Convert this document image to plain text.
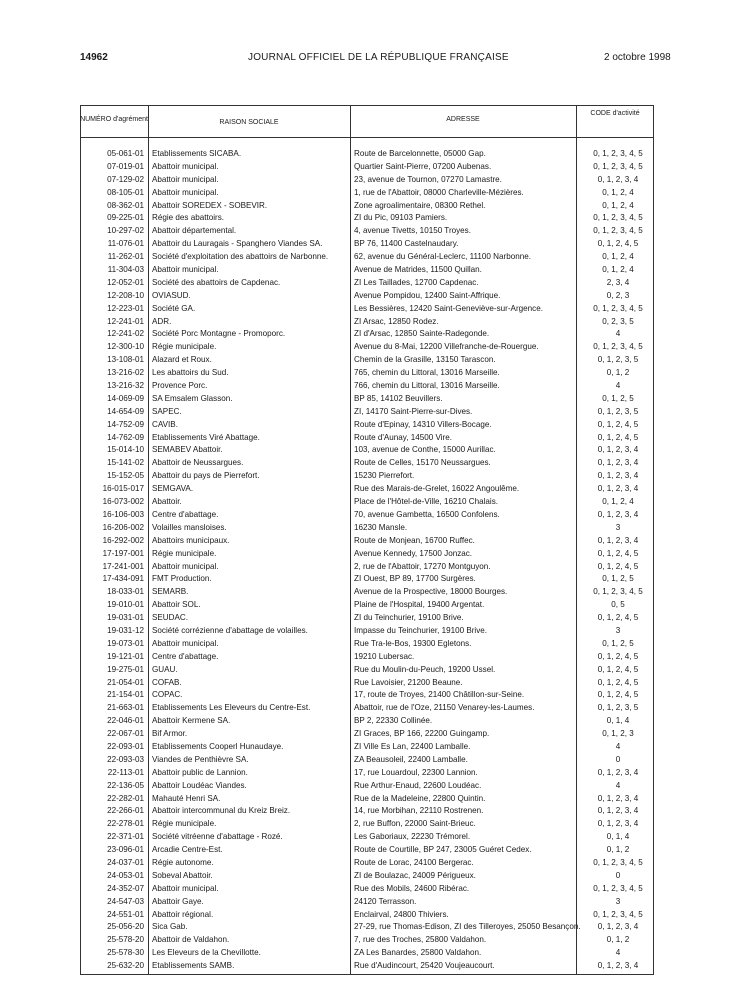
14962	JOURNAL OFFICIEL DE LA RÉPUBLIQUE FRANÇAISE	2 octobre 1998
NUMÉRO d'agrément	RAISON SOCIALE	ADRESSE
CODE d'activité
05-061-01 Etablissements SICABA.	Route de Barcelonnette, 05000 Gap.	0, 1, 2, 3, 4, 5
07-019-01 Abattoir municipal.	Quartier Saint-Pierre, 07200 Aubenas.	0, 1, 2, 3, 4, 5
07-129-02 Abattoir municipal.	23, avenue de Tournon, 07270 Lamastre.	0, 1, 2, 3, 4
08-105-01 Abattoir municipal.	1, rue de l'Abattoir, 08000 Charleville-Mézières.	0, 1, 2, 4
08-362-01 Abattoir SOREDEX - SOBEVIR.	Zone agroalimentaire, 08300 Rethel.	0, 1, 2, 4
09-225-01 Régie des abattoirs.	ZI du Pic, 09103 Pamiers.	0, 1, 2, 3, 4, 5
10-297-02 Abattoir départemental.	4, avenue Tivetts, 10150 Troyes.	0, 1, 2, 3, 4, 5
11-076-01 Abattoir du Lauragais - Spanghero Viandes SA.	BP 76, 11400 Castelnaudary.	0, 1, 2, 4, 5
11-262-01 Société d'exploitation des abattoirs de Narbonne.	62, avenue du Général-Leclerc, 11100 Narbonne.	0, 1, 2, 4
11-304-03 Abattoir municipal.	Avenue de Matrides, 11500 Quillan.	0, 1, 2, 4
12-052-01 Société des abattoirs de Capdenac.	ZI Les Taillades, 12700 Capdenac.	2, 3, 4
12-208-10 OVIASUD.	Avenue Pompidou, 12400 Saint-Affrique.	0, 2, 3
12-223-01 Société GA.	Les Bessières, 12420 Saint-Geneviève-sur-Argence.	0, 1, 2, 3, 4, 5
12-241-01 ADR.	ZI Arsac, 12850 Rodez.	0, 2, 3, 5
12-241-02 Société Porc Montagne - Promoporc.	ZI d'Arsac, 12850 Sainte-Radegonde.	4
12-300-10 Régie municipale.	Avenue du 8-Mai, 12200 Villefranche-de-Rouergue.	0, 1, 2, 3, 4, 5
13-108-01 Alazard et Roux.	Chemin de la Grasille, 13150 Tarascon.	0, 1, 2, 3, 5
13-216-02 Les abattoirs du Sud.	765, chemin du Littoral, 13016 Marseille.	0, 1, 2
13-216-32 Provence Porc.	766, chemin du Littoral, 13016 Marseille.	4
14-069-09 SA Emsalem Glasson.	BP 85, 14102 Beuvillers.	0, 1, 2, 5
14-654-09 SAPEC.	ZI, 14170 Saint-Pierre-sur-Dives.	0, 1, 2, 3, 5
14-752-09 CAVIB.	Route d'Epinay, 14310 Villers-Bocage.	0, 1, 2, 4, 5
14-762-09 Etablissements Viré Abattage.	Route d'Aunay, 14500 Vire.	0, 1, 2, 4, 5
15-014-10 SEMABEV Abattoir.	103, avenue de Conthe, 15000 Aurillac.	0, 1, 2, 3, 4
15-141-02 Abattoir de Neussargues.	Route de Celles, 15170 Neussargues.	0, 1, 2, 3, 4
15-152-05 Abattoir du pays de Pierrefort.	15230 Pierrefort.	0, 1, 2, 3, 4
16-015-017 SEMGAVA.	Rue des Marais-de-Grelet, 16022 Angoulême.	0, 1, 2, 3, 4
16-073-002 Abattoir.	Place de l'Hôtel-de-Ville, 16210 Chalais.	0, 1, 2, 4
16-106-003 Centre d'abattage.	70, avenue Gambetta, 16500 Confolens.	0, 1, 2, 3, 4
16-206-002 Volailles mansloises.	16230 Mansle.	3
16-292-002 Abattoirs municipaux.	Route de Monjean, 16700 Ruffec.	0, 1, 2, 3, 4
17-197-001 Régie municipale.	Avenue Kennedy, 17500 Jonzac.	0, 1, 2, 4, 5
17-241-001 Abattoir municipal.	2, rue de l'Abattoir, 17270 Montguyon.	0, 1, 2, 4, 5
17-434-091 FMT Production.	ZI Ouest, BP 89, 17700 Surgères.	0, 1, 2, 5
18-033-01 SEMARB.	Avenue de la Prospective, 18000 Bourges.	0, 1, 2, 3, 4, 5
19-010-01 Abattoir SOL.	Plaine de l'Hospital, 19400 Argentat.	0, 5
19-031-01 SEUDAC.	ZI du Teinchurier, 19100 Brive.	0, 1, 2, 4, 5
19-031-12 Société corrézienne d'abattage de volailles.	Impasse du Teinchurier, 19100 Brive.	3
19-073-01 Abattoir municipal.	Rue Tra-le-Bos, 19300 Egletons.	0, 1, 2, 5
19-121-01 Centre d'abattage.	19210 Lubersac.	0, 1, 2, 4, 5
19-275-01 GUAU.	Rue du Moulin-du-Peuch, 19200 Ussel.	0, 1, 2, 4, 5
21-054-01 COFAB.	Rue Lavoisier, 21200 Beaune.	0, 1, 2, 4, 5
21-154-01 COPAC.	17, route de Troyes, 21400 Châtillon-sur-Seine.	0, 1, 2, 4, 5
21-663-01 Etablissements Les Eleveurs du Centre-Est.	Abattoir, rue de l'Oze, 21150 Venarey-les-Laumes.	0, 1, 2, 3, 5
22-046-01 Abattoir Kermene SA.	BP 2, 22330 Collinée.	0, 1, 4
22-067-01 Bif Armor.	ZI Graces, BP 166, 22200 Guingamp.	0, 1, 2, 3
22-093-01 Etablissements Cooperl Hunaudaye.	ZI Ville Es Lan, 22400 Lamballe.	4
22-093-03 Viandes de Penthièvre SA.	ZA Beausoleil, 22400 Lamballe.	0
22-113-01 Abattoir public de Lannion.	17, rue Louardoul, 22300 Lannion.	0, 1, 2, 3, 4
22-136-05 Abattoir Loudéac Viandes.	Rue Arthur-Enaud, 22600 Loudéac.	4
22-282-01 Mahauté Henri SA.	Rue de la Madeleine, 22800 Quintin.	0, 1, 2, 3, 4
22-266-01 Abattoir intercommunal du Kreiz Breiz.	14, rue Morbihan, 22110 Rostrenen.	0, 1, 2, 3, 4
22-278-01 Régie municipale.	2, rue Buffon, 22000 Saint-Brieuc.	0, 1, 2, 3, 4
22-371-01 Société vitréenne d'abattage - Rozé.	Les Gaboriaux, 22230 Trémorel.	0, 1, 4
23-096-01 Arcadie Centre-Est.	Route de Courtille, BP 247, 23005 Guéret Cedex.	0, 1, 2
24-037-01 Régie autonome.	Route de Lorac, 24100 Bergerac.	0, 1, 2, 3, 4, 5
24-053-01 Sobeval Abattoir.	ZI de Boulazac, 24009 Périgueux.	0
24-352-07 Abattoir municipal.	Rue des Mobils, 24600 Ribérac.	0, 1, 2, 3, 4, 5
24-547-03 Abattoir Gaye.	24120 Terrasson.	3
24-551-01 Abattoir régional.	Enclairval, 24800 Thiviers.	0, 1, 2, 3, 4, 5
25-056-20 Sica Gab.	27-29, rue Thomas-Edison, ZI des Tilleroyes, 25050 Besançon.	0, 1, 2, 3, 4
25-578-20 Abattoir de Valdahon.	7, rue des Troches, 25800 Valdahon.	0, 1, 2
25-578-30 Les Eleveurs de la Chevillotte.	ZA Les Banardes, 25800 Valdahon.	4
25-632-20 Etablissements SAMB.	Rue d'Audincourt, 25420 Voujeaucourt.	0, 1, 2, 3, 4
